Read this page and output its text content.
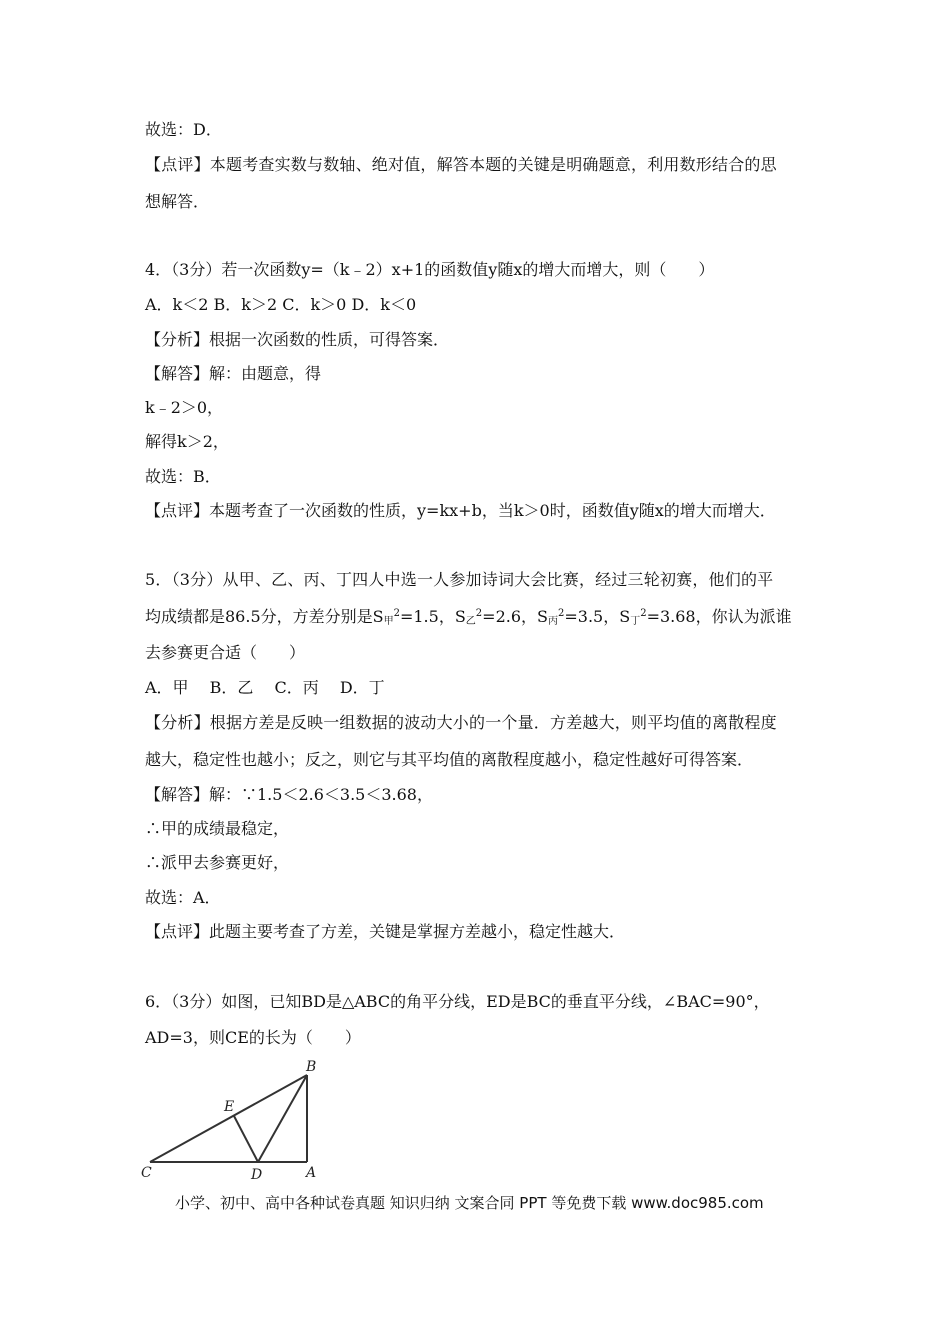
故选：D．
【点评】本题考查实数与数轴、绝对值，解答本题的关键是明确题意，利用数形结合的思
想解答．
4．（3分）若一次函数y=（k﹣2）x+1的函数值y随x的增大而增大，则（　　）
A．k＜2 B．k＞2 C．k＞0 D．k＜0
【分析】根据一次函数的性质，可得答案．
【解答】解：由题意，得
k﹣2＞0，
解得k＞2，
故选：B．
【点评】本题考查了一次函数的性质，y=kx+b，当k＞0时，函数值y随x的增大而增大．
5．（3分）从甲、乙、丙、丁四人中选一人参加诗词大会比赛，经过三轮初赛，他们的平
均成绩都是86.5分，方差分别是S甲$^2$=1.5，S乙$^2$=2.6，S丙$^2$=3.5，S丁$^2$=3.68，你认为派谁
去参赛更合适（　　）
A．甲　 B．乙　 C．丙　 D．丁
【分析】根据方差是反映一组数据的波动大小的一个量．方差越大，则平均值的离散程度
越大，稳定性也越小；反之，则它与其平均值的离散程度越小，稳定性越好可得答案．
【解答】解：∵1.5＜2.6＜3.5＜3.68，
∴甲的成绩最稳定，
∴派甲去参赛更好，
故选：A．
【点评】此题主要考查了方差，关键是掌握方差越小，稳定性越大．
6．（3分）如图，已知BD是△ABC的角平分线，ED是BC的垂直平分线，∠BAC=90°，
AD=3，则CE的长为（　　）
B
E
C	D	A
小学、初中、高中各种试卷真题 知识归纳 文案合同 PPT 等免费下载 www.doc985.com
